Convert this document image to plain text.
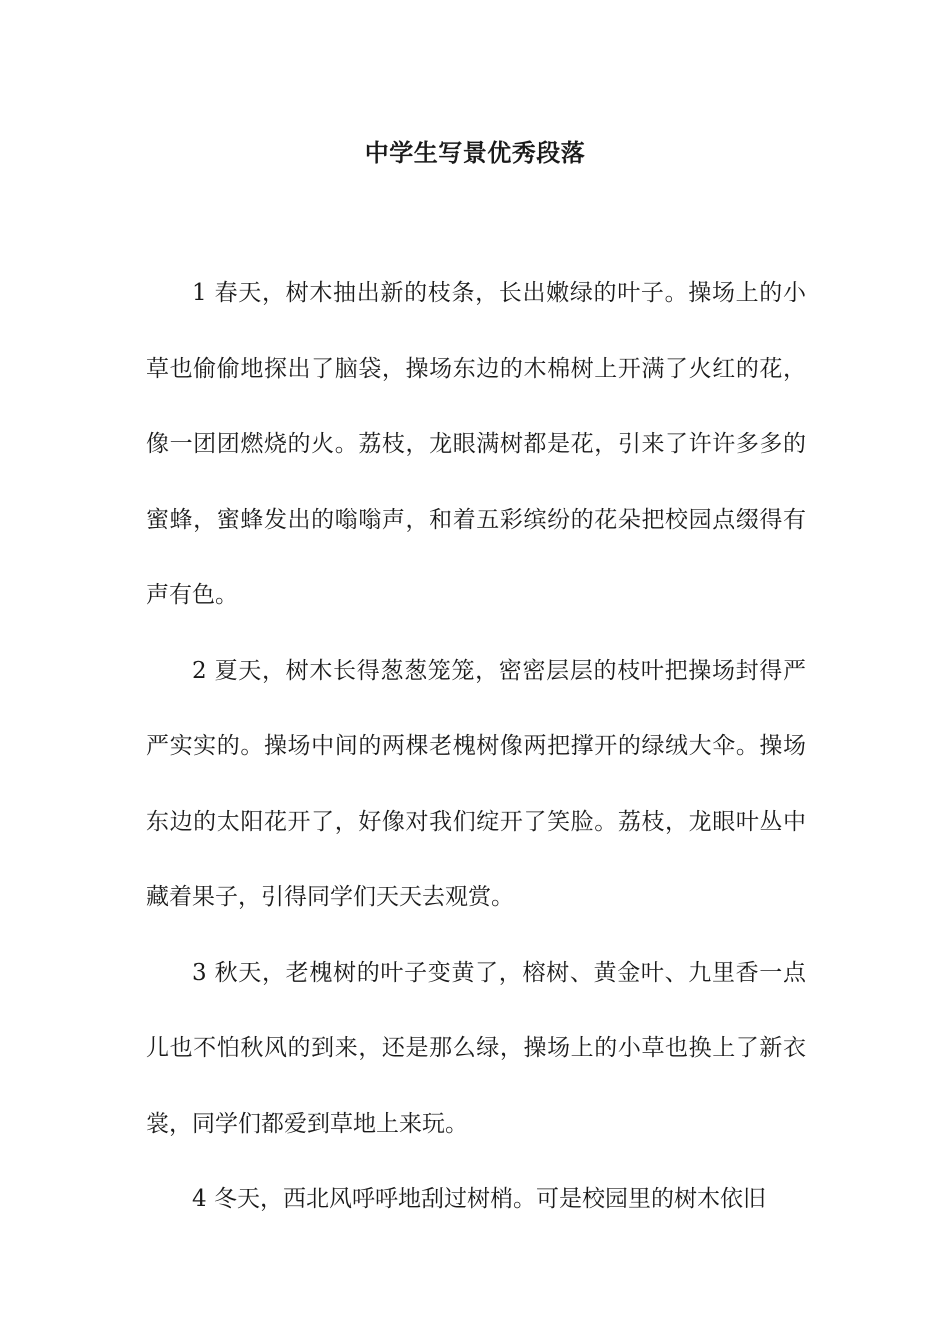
中学生写景优秀段落

1 春天，树木抽出新的枝条，长出嫩绿的叶子。操场上的小草也偷偷地探出了脑袋，操场东边的木棉树上开满了火红的花，像一团团燃烧的火。荔枝，龙眼满树都是花，引来了许许多多的蜜蜂，蜜蜂发出的嗡嗡声，和着五彩缤纷的花朵把校园点缀得有声有色。

2 夏天，树木长得葱葱笼笼，密密层层的枝叶把操场封得严严实实的。操场中间的两棵老槐树像两把撑开的绿绒大伞。操场东边的太阳花开了，好像对我们绽开了笑脸。荔枝，龙眼叶丛中藏着果子，引得同学们天天去观赏。

3 秋天，老槐树的叶子变黄了，榕树、黄金叶、九里香一点儿也不怕秋风的到来，还是那么绿，操场上的小草也换上了新衣裳，同学们都爱到草地上来玩。

4 冬天，西北风呼呼地刮过树梢。可是校园里的树木依旧
